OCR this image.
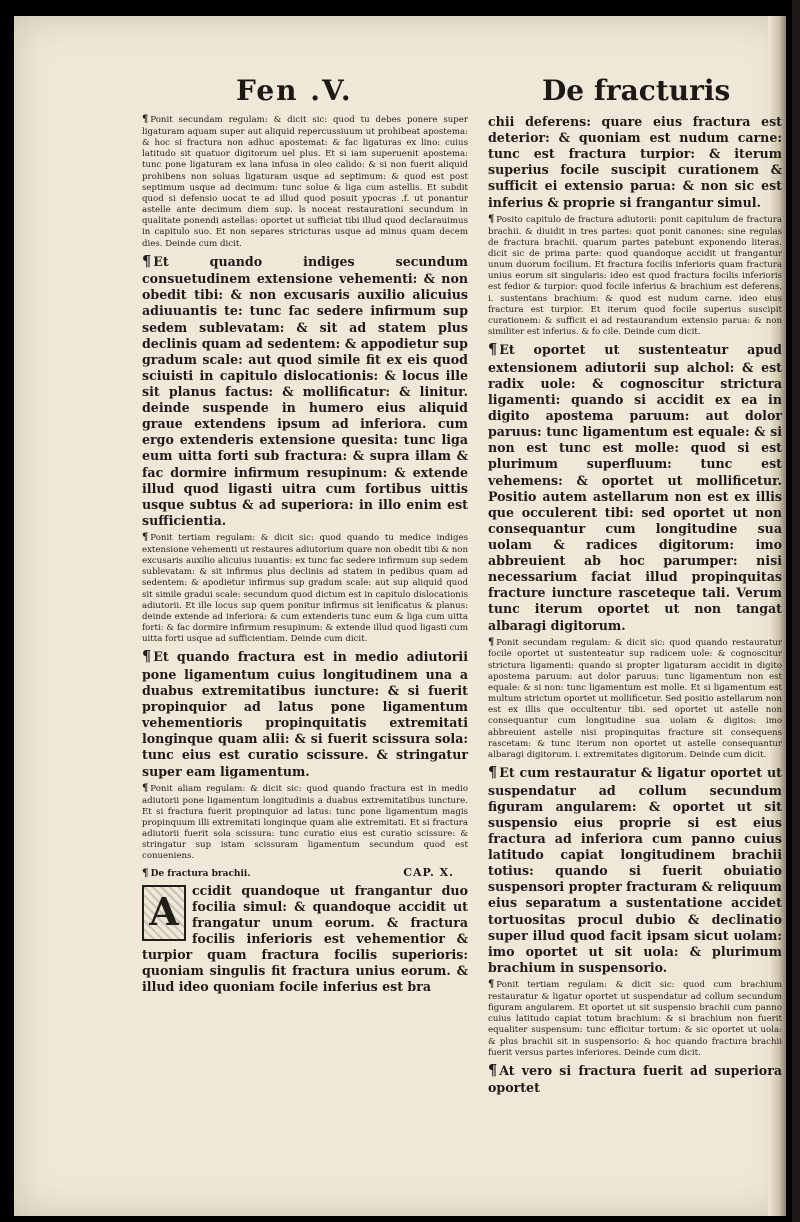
Fen .V.	De fracturis

¶ Ponit secundam regulam: & dicit sic: quod tu debes ponere super ligaturam aquam super aut aliquid repercussiuum ut prohibeat apostema: & hoc si fractura non adhuc apostemat: & fac ligaturas ex lino: cuius latitudo sit quatuor digitorum uel plus. Et si iam superuenit apostema: tunc pone ligaturam ex lana infusa in oleo calido: & si non fuerit aliquid prohibens non soluas ligaturam usque ad septimum: & quod est post septimum usque ad decimum: tunc solue & liga cum astellis. Et subdit quod si defensio uocat te ad illud quod posuit ypocras .f. ut ponantur astelle ante decimum diem sup. ls noceat restaurationi secundum in qualitate ponendi astellas: oportet ut sufficiat tibi illud quod declarauimus in capitulo suo. Et non separes stricturas usque ad minus quam decem dies. Deinde cum dicit.

¶ Et quando indiges secundum consuetudinem extensione vehementi: & non obedit tibi: & non excusaris auxilio alicuius adiuuantis te: tunc fac sedere infirmum sup sedem sublevatam: & sit ad statem plus declinis quam ad sedentem: & appodietur sup gradum scale: aut quod simile fit ex eis quod sciuisti in capitulo dislocationis: & locus ille sit planus factus: & mollificatur: & linitur. deinde suspende in humero eius aliquid graue extendens ipsum ad inferiora. cum ergo extenderis extensione quesita: tunc liga eum uitta forti sub fractura: & supra illam & fac dormire infirmum resupinum: & extende illud quod ligasti uitra cum fortibus uittis usque subtus & ad superiora: in illo enim est sufficientia.

¶ Ponit tertiam regulam: & dicit sic: quod quando tu medice indiges extensione vehementi ut restaures adiutorium quare non obedit tibi & non excusaris auxilio alicuius iuuantis: ex tunc fac sedere infirmum sup sedem sublevatam: & sit infirmus plus declinis ad statem in pedibus quam ad sedentem: & apodietur infirmus sup gradum scale: aut sup aliquid quod sit simile gradui scale: secundum quod dictum est in capitulo dislocationis adiutorii. Et ille locus sup quem ponitur infirmus sit lenificatus & planus: deinde extende ad inferiora: & cum extenderis tunc eum & liga cum uitta forti: & fac dormire infirmum resupinum: & extende illud quod ligasti cum uitta forti usque ad sufficientiam. Deinde cum dicit.

¶ Et quando fractura est in medio adiutorii pone ligamentum cuius longitudinem una a duabus extremitatibus iuncture: & si fuerit propinquior ad latus pone ligamentum vehementioris propinquitatis extremitati longinque quam alii: & si fuerit scissura sola: tunc eius est curatio scissure. & stringatur super eam ligamentum.

¶ Ponit aliam regulam: & dicit sic: quod quando fractura est in medio adiutorii pone ligamentum longitudinis a duabus extremitatibus iuncture. Et si fractura fuerit propinquior ad latus: tunc pone ligamentum magis propinquum illi extremitati longinque quam alie extremitati. Et si fractura adiutorii fuerit sola scissura: tunc curatio eius est curatio scissure: & stringatur sup istam scissuram ligamentum secundum quod est conueniens.

¶ De fractura brachii.	CAP. X.

A	ccidit quandoque ut frangantur duo focilia simul: & quandoque accidit ut frangatur unum eorum. & fractura focilis inferioris est vehementior & turpior quam fractura focilis superioris: quoniam singulis fit fractura unius eorum. & illud ideo quoniam focile inferius est bra

chii deferens: quare eius fractura est deterior: & quoniam est nudum carne: tunc est fractura turpior: & iterum superius focile suscipit curationem & sufficit ei extensio parua: & non sic est inferius & proprie si frangantur simul.

¶ Posito capitulo de fractura adiutorii: ponit capitulum de fractura brachii. & diuidit in tres partes: quot ponit canones: sine regulas de fractura brachii. quarum partes patebunt exponendo literas. dicit sic de prima parte: quod quandoque accidit ut frangantur unum duorum focilium. Et fractura focilis inferioris quam fractura unius eorum sit singularis: ideo est quod fractura focilis inferioris est fedior & turpior: quod focile inferius & brachium est deferens. i. sustentans brachium: & quod est nudum carne. ideo eius fractura est turpior. Et iterum quod focile superius suscipit curationem: & sufficit ei ad restaurandum extensio parua: & non similiter est inferius. & fo cile. Deinde cum dicit.

¶ Et oportet ut sustenteatur apud extensionem adiutorii sup alchol: & est radix uole: & cognoscitur strictura ligamenti: quando si accidit ex ea in digito apostema paruum: aut dolor paruus: tunc ligamentum est equale: & si non est tunc est molle: quod si est plurimum superfluum: tunc est vehemens: & oportet ut mollificetur. Positio autem astellarum non est ex illis que occulerent tibi: sed oportet ut non consequantur cum longitudine sua uolam & radices digitorum: imo abbreuient ab hoc parumper: nisi necessarium faciat illud propinquitas fracture iuncture rasceteque tali. Verum tunc iterum oportet ut non tangat albaragi digitorum.

¶ Ponit secundam regulam: & dicit sic: quod quando restauratur focile oportet ut sustenteatur sup radicem uole: & cognoscitur strictura ligamenti: quando si propter ligaturam accidit in digito apostema paruum: aut dolor paruus: tunc ligamentum non est equale: & si non: tunc ligamentum est molle. Et si ligamentum est multum strictum oportet ut mollificetur. Sed positio astellarum non est ex illis que occultentur tibi. sed oportet ut astelle non consequantur cum longitudine sua uolam & digitos: imo abbreuient astelle nisi propinquitas fracture sit consequens rascetam: & tunc iterum non oportet ut astelle consequantur albaragi digitorum. i. extremitates digitorum. Deinde cum dicit.

¶ Et cum restauratur & ligatur oportet ut suspendatur ad collum secundum figuram angularem: & oportet ut sit suspensio eius proprie si est eius fractura ad inferiora cum panno cuius latitudo capiat longitudinem brachii totius: quando si fuerit obuiatio suspensori propter fracturam & reliquum eius separatum a sustentatione accidet tortuositas procul dubio & declinatio super illud quod facit ipsam sicut uolam: imo oportet ut sit uola: & plurimum brachium in suspensorio.

¶ Ponit tertiam regulam: & dicit sic: quod cum brachium restauratur & ligatur oportet ut suspendatur ad collum secundum figuram angularem. Et oportet ut sit suspensio brachii cum panno cuius latitudo capiat totum brachium: & si brachium non fuerit equaliter suspensum: tunc efficitur tortum: & sic oportet ut uola: & plus brachii sit in suspensorio: & hoc quando fractura brachii fuerit versus partes inferiores. Deinde cum dicit.

¶ At vero si fractura fuerit ad superiora oportet
